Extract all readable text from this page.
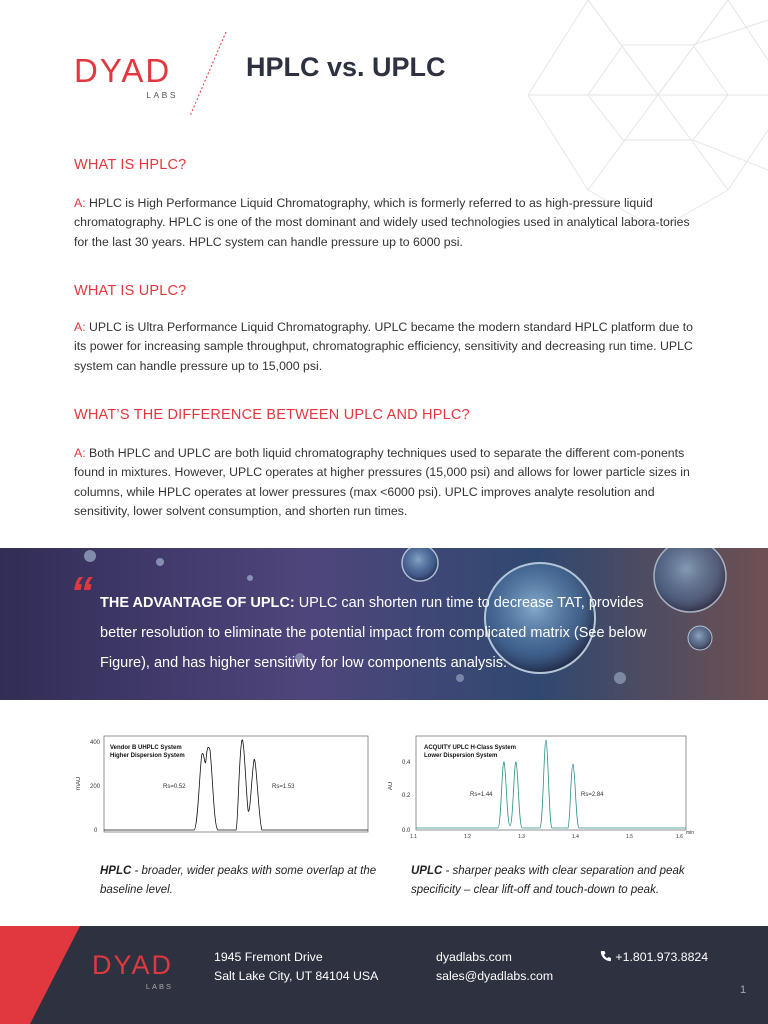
DYAD
LABS
HPLC vs. UPLC
WHAT IS HPLC?
A: HPLC is High Performance Liquid Chromatography, which is formerly referred to as high-pressure liquid chromatography. HPLC is one of the most dominant and widely used technologies used in analytical labora-tories for the last 30 years. HPLC system can handle pressure up to 6000 psi.
WHAT IS UPLC?
A: UPLC is Ultra Performance Liquid Chromatography. UPLC became the modern standard HPLC platform due to its power for increasing sample throughput, chromatographic efficiency, sensitivity and decreasing run time. UPLC system can handle pressure up to 15,000 psi.
WHAT’S THE DIFFERENCE BETWEEN UPLC AND HPLC?
A: Both HPLC and UPLC are both liquid chromatography techniques used to separate the different com-ponents found in mixtures. However, UPLC operates at higher pressures (15,000 psi) and allows for lower particle sizes in columns, while HPLC operates at lower pressures (max <6000 psi). UPLC improves analyte resolution and sensitivity, lower solvent consumption, and shorten run times.
“ THE ADVANTAGE OF UPLC: UPLC can shorten run time to decrease TAT, provides better resolution to eliminate the potential impact from complicated matrix (See below Figure), and has higher sensitivity for low components analysis.
mAU
400
200
0
Vendor B UHPLC System
Higher Dispersion System
Rs=0.52	Rs=1.53	AU
0.4
0.2
0.0
ACQUITY UPLC H-Class System
Lower Dispersion System
Rs=1.44	Rs=2.84
1.1	1.2	1.3	1.4	1.5	1.6
min
HPLC - broader, wider peaks with some overlap at the baseline level.
UPLC - sharper peaks with clear separation and peak specificity – clear lift-off and touch-down to peak.
DYAD
LABS
1945 Fremont Drive
Salt Lake City, UT 84104 USA
dyadlabs.com
sales@dyadlabs.com
+1.801.973.8824
1
